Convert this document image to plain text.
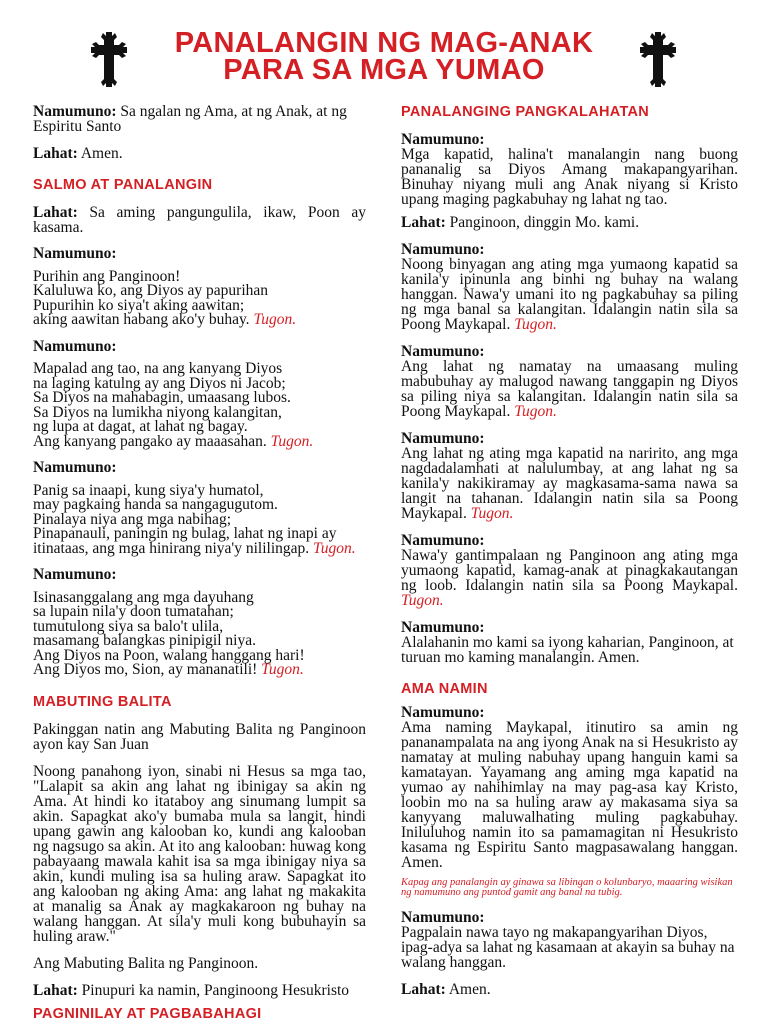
PANALANGIN NG MAG-ANAK
PARA SA MGA YUMAO

Namumuno: Sa ngalan ng Ama, at ng Anak, at ng Espiritu Santo

Lahat: Amen.

SALMO AT PANALANGIN

Lahat: Sa aming pangungulila, ikaw, Poon ay kasama.

Namumuno:

Purihin ang Panginoon!

Kaluluwa ko, ang Diyos ay papurihan

Pupurihin ko siya't aking aawitan;

aking aawitan habang ako'y buhay. Tugon.

Namumuno:

Mapalad ang tao, na ang kanyang Diyos

na laging katulng ay ang Diyos ni Jacob;

Sa Diyos na mahabagin, umaasang lubos.

Sa Diyos na lumikha niyong kalangitan,

ng lupa at dagat, at lahat ng bagay.

Ang kanyang pangako ay maaasahan. Tugon.

Namumuno:

Panig sa inaapi, kung siya'y humatol,

may pagkaing handa sa nangagugutom.

Pinalaya niya ang mga nabihag;

Pinapanauli, paningin ng bulag, lahat ng inapi ay

itinataas, ang mga hinirang niya'y nililingap. Tugon.

Namumuno:

Isinasanggalang ang mga dayuhang

sa lupain nila'y doon tumatahan;

tumutulong siya sa balo't ulila,

masamang balangkas pinipigil niya.

Ang Diyos na Poon, walang hanggang hari!

Ang Diyos mo, Sion, ay mananatili! Tugon.

MABUTING BALITA

Pakinggan natin ang Mabuting Balita ng Panginoon ayon kay San Juan

Noong panahong iyon, sinabi ni Hesus sa mga tao, "Lalapit sa akin ang lahat ng ibinigay sa akin ng Ama. At hindi ko itataboy ang sinumang lumpit sa akin. Sapagkat ako'y bumaba mula sa langit, hindi upang gawin ang kalooban ko, kundi ang kalooban ng nagsugo sa akin. At ito ang kalooban: huwag kong pabayaang mawala kahit isa sa mga ibinigay niya sa akin, kundi muling isa sa huling araw. Sapagkat ito ang kalooban ng aking Ama: ang lahat ng makakita at manalig sa Anak ay magkakaroon ng buhay na walang hanggan. At sila'y muli kong bubuhayin sa huling araw."

Ang Mabuting Balita ng Panginoon.

Lahat: Pinupuri ka namin, Panginoong Hesukristo

PAGNINILAY AT PAGBABAHAGI
PANALANGING PANGKALAHATAN

Namumuno:

Mga kapatid, halina't manalangin nang buong pananalig sa Diyos Amang makapangyarihan. Binuhay niyang muli ang Anak niyang si Kristo upang maging pagkabuhay ng lahat ng tao.

Lahat: Panginoon, dinggin Mo. kami.

Namumuno:

Noong binyagan ang ating mga yumaong kapatid sa kanila'y ipinunla ang binhi ng buhay na walang hanggan. Nawa'y umani ito ng pagkabuhay sa piling ng mga banal sa kalangitan. Idalangin natin sila sa Poong Maykapal. Tugon.

Namumuno:

Ang lahat ng namatay na umaasang muling mabubuhay ay malugod nawang tanggapin ng Diyos sa piling niya sa kalangitan. Idalangin natin sila sa Poong Maykapal. Tugon.

Namumuno:

Ang lahat ng ating mga kapatid na naririto, ang mga nagdadalamhati at nalulumbay, at ang lahat ng sa kanila'y nakikiramay ay magkasama-sama nawa sa langit na tahanan. Idalangin natin sila sa Poong Maykapal. Tugon.

Namumuno:

Nawa'y gantimpalaan ng Panginoon ang ating mga yumaong kapatid, kamag-anak at pinagkakautangan ng loob. Idalangin natin sila sa Poong Maykapal. Tugon.

Namumuno:

Alalahanin mo kami sa iyong kaharian, Panginoon, at turuan mo kaming manalangin. Amen.

AMA NAMIN

Namumuno:

Ama naming Maykapal, itinutiro sa amin ng pananampalata na ang iyong Anak na si Hesukristo ay namatay at muling nabuhay upang hanguin kami sa kamatayan. Yayamang ang aming mga kapatid na yumao ay nahihimlay na may pag-asa kay Kristo, loobin mo na sa huling araw ay makasama siya sa kanyyang maluwalhating muling pagkabuhay. Iniluluhog namin ito sa pamamagitan ni Hesukristo kasama ng Espiritu Santo magpasawalang hanggan. Amen.

Kapag ang panalangin ay ginawa sa libingan o kolunbaryo, maaaring wisikan ng namumuno ang puntod gamit ang banal na tubig.

Namumuno:

Pagpalain nawa tayo ng makapangyarihan Diyos, ipag-adya sa lahat ng kasamaan at akayin sa buhay na walang hanggan.

Lahat: Amen.
